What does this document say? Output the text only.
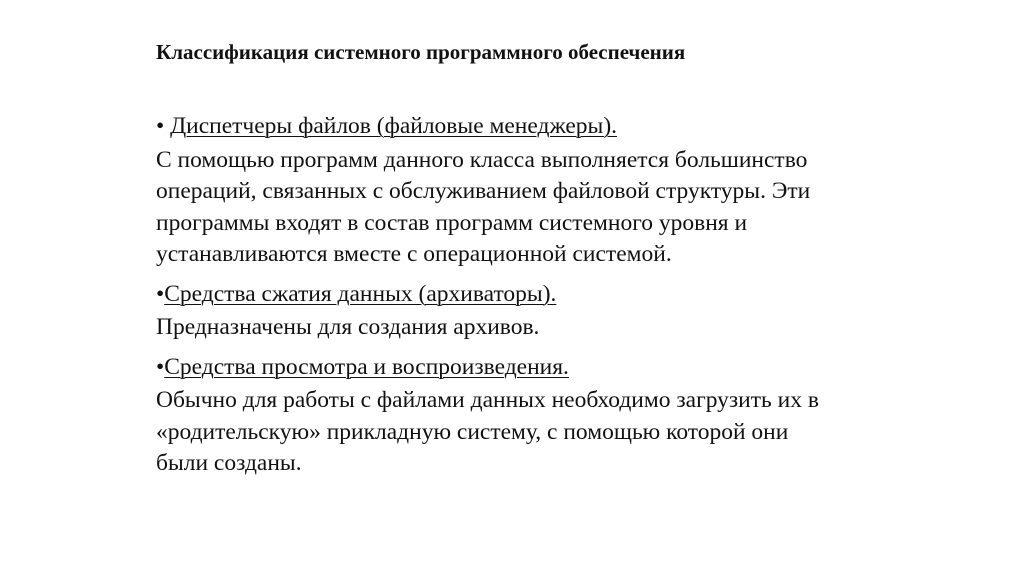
Классификация системного программного обеспечения
• Диспетчеры файлов (файловые менеджеры).
С помощью программ данного класса выполняется большинство
операций, связанных с обслуживанием файловой структуры. Эти
программы входят в состав программ системного уровня и
устанавливаются вместе с операционной системой.
•Средства сжатия данных (архиваторы).
Предназначены для создания архивов.
•Средства просмотра и воспроизведения.
Обычно для работы с файлами данных необходимо загрузить их в
«родительскую» прикладную систему, с помощью которой они
были созданы.
